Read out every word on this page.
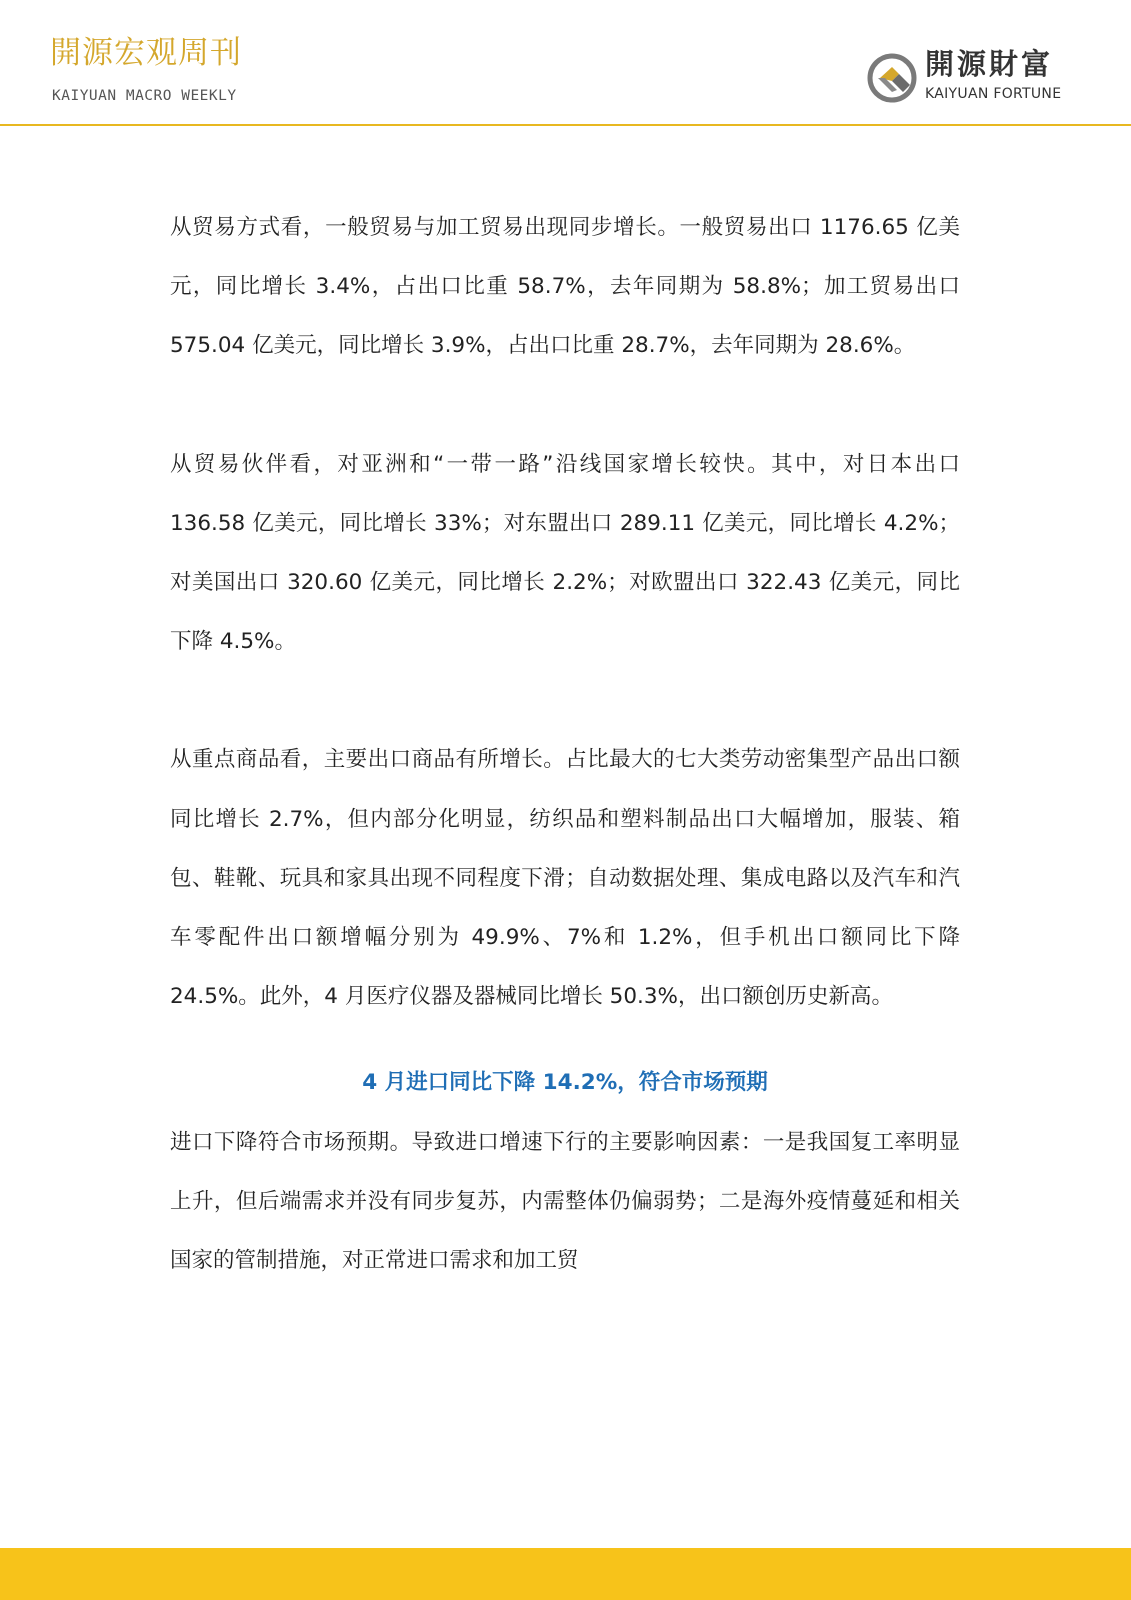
開源宏观周刊
KAIYUAN MACRO WEEKLY
開源財富
KAIYUAN FORTUNE

从贸易方式看，一般贸易与加工贸易出现同步增长。一般贸易出口 1176.65 亿美元，同比增长 3.4%，占出口比重 58.7%，去年同期为 58.8%；加工贸易出口 575.04 亿美元，同比增长 3.9%，占出口比重 28.7%，去年同期为 28.6%。

从贸易伙伴看，对亚洲和“一带一路”沿线国家增长较快。其中，对日本出口 136.58 亿美元，同比增长 33%；对东盟出口 289.11 亿美元，同比增长 4.2%；对美国出口 320.60 亿美元，同比增长 2.2%；对欧盟出口 322.43 亿美元，同比下降 4.5%。

从重点商品看，主要出口商品有所增长。占比最大的七大类劳动密集型产品出口额同比增长 2.7%，但内部分化明显，纺织品和塑料制品出口大幅增加，服装、箱包、鞋靴、玩具和家具出现不同程度下滑；自动数据处理、集成电路以及汽车和汽车零配件出口额增幅分别为 49.9%、7%和 1.2%，但手机出口额同比下降 24.5%。此外，4 月医疗仪器及器械同比增长 50.3%，出口额创历史新高。

4 月进口同比下降 14.2%，符合市场预期

进口下降符合市场预期。导致进口增速下行的主要影响因素：一是我国复工率明显上升，但后端需求并没有同步复苏，内需整体仍偏弱势；二是海外疫情蔓延和相关国家的管制措施，对正常进口需求和加工贸
